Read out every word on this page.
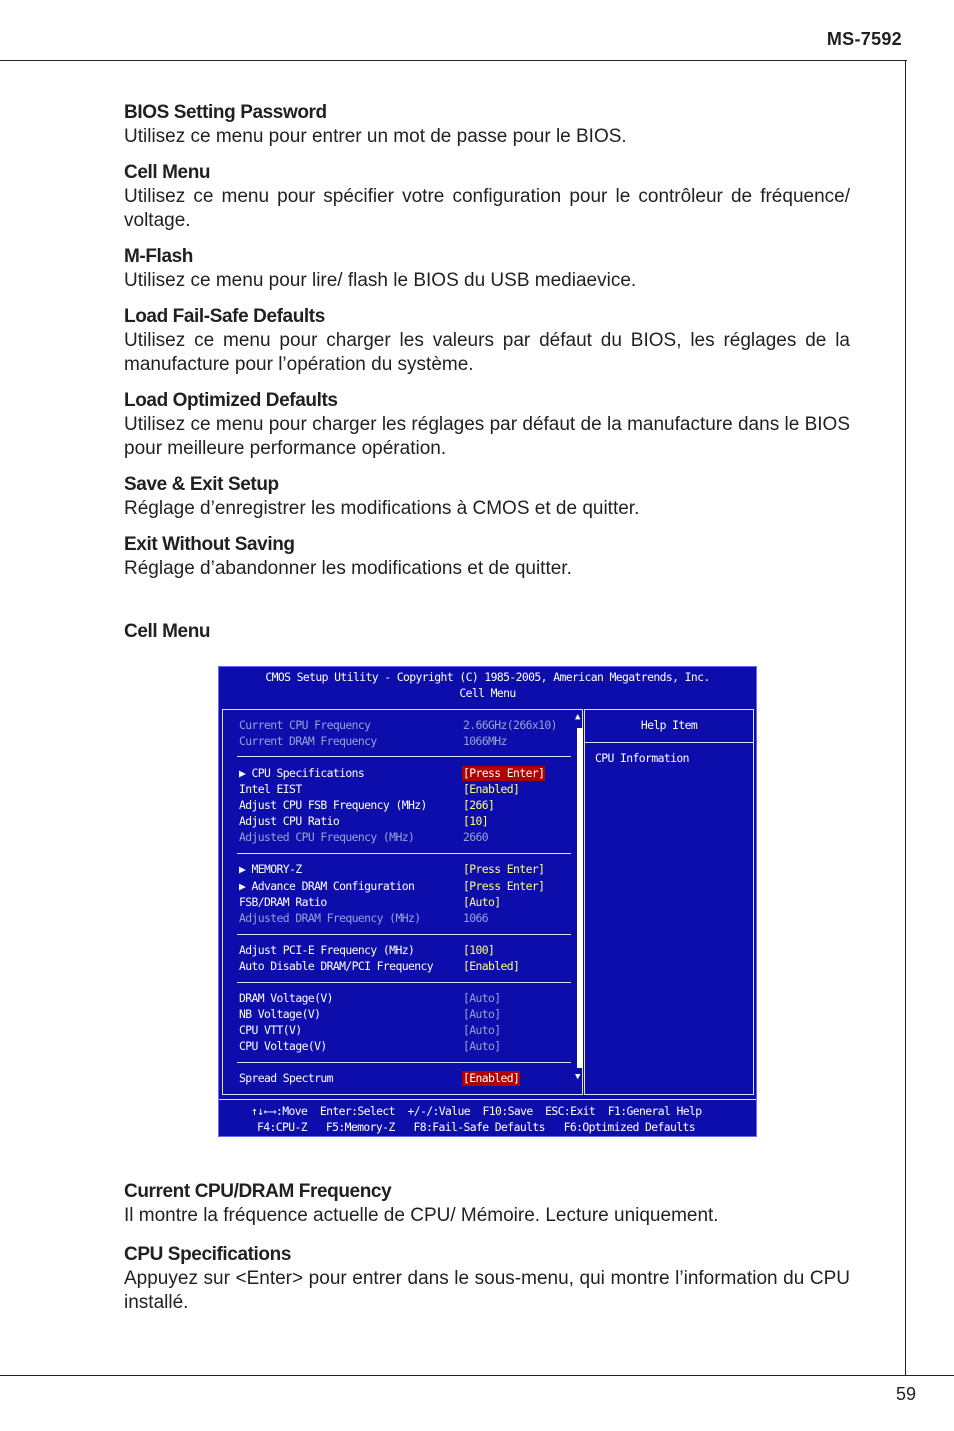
MS-7592
BIOS Setting Password
Utilisez ce menu pour entrer un mot de passe pour le BIOS.
Cell Menu
Utilisez ce menu pour spécifier votre configuration pour le contrôleur de fréquence/ voltage.
M-Flash
Utilisez ce menu pour lire/ flash le BIOS du USB mediaevice.
Load Fail-Safe Defaults
Utilisez ce menu pour charger les valeurs par défaut du BIOS, les réglages de la manufacture pour l’opération du système.
Load Optimized Defaults
Utilisez ce menu pour charger les réglages par défaut de la manufacture dans le BIOS pour meilleure performance opération.
Save & Exit Setup
Réglage d’enregistrer les modifications à CMOS et de quitter.
Exit Without Saving
Réglage d’abandonner les modifications et de quitter.
Cell Menu
CMOS Setup Utility - Copyright (C) 1985-2005, American Megatrends, Inc.
Cell Menu
Current CPU Frequency	2.66GHz(266x10)
Current DRAM Frequency	1066MHz
▶ CPU Specifications	[Press Enter]
Intel EIST	[Enabled]
Adjust CPU FSB Frequency (MHz)	[266]
Adjust CPU Ratio	[10]
Adjusted CPU Frequency (MHz)	2660
▶ MEMORY-Z	[Press Enter]
▶ Advance DRAM Configuration	[Press Enter]
FSB/DRAM Ratio	[Auto]
Adjusted DRAM Frequency (MHz)	1066
Adjust PCI-E Frequency (MHz)	[100]
Auto Disable DRAM/PCI Frequency	[Enabled]
DRAM Voltage(V)	[Auto]
NB Voltage(V)	[Auto]
CPU VTT(V)	[Auto]
CPU Voltage(V)	[Auto]
Spread Spectrum	[Enabled]
▲
▼
Help Item
CPU Information
↑↓←→:Move  Enter:Select  +/-/:Value  F10:Save  ESC:Exit  F1:General Help
F4:CPU-Z   F5:Memory-Z   F8:Fail-Safe Defaults   F6:Optimized Defaults
Current CPU/DRAM Frequency
Il montre la fréquence actuelle de CPU/ Mémoire. Lecture uniquement.
CPU Specifications
Appuyez sur <Enter> pour entrer dans le sous-menu, qui montre l’information du CPU installé.
59
